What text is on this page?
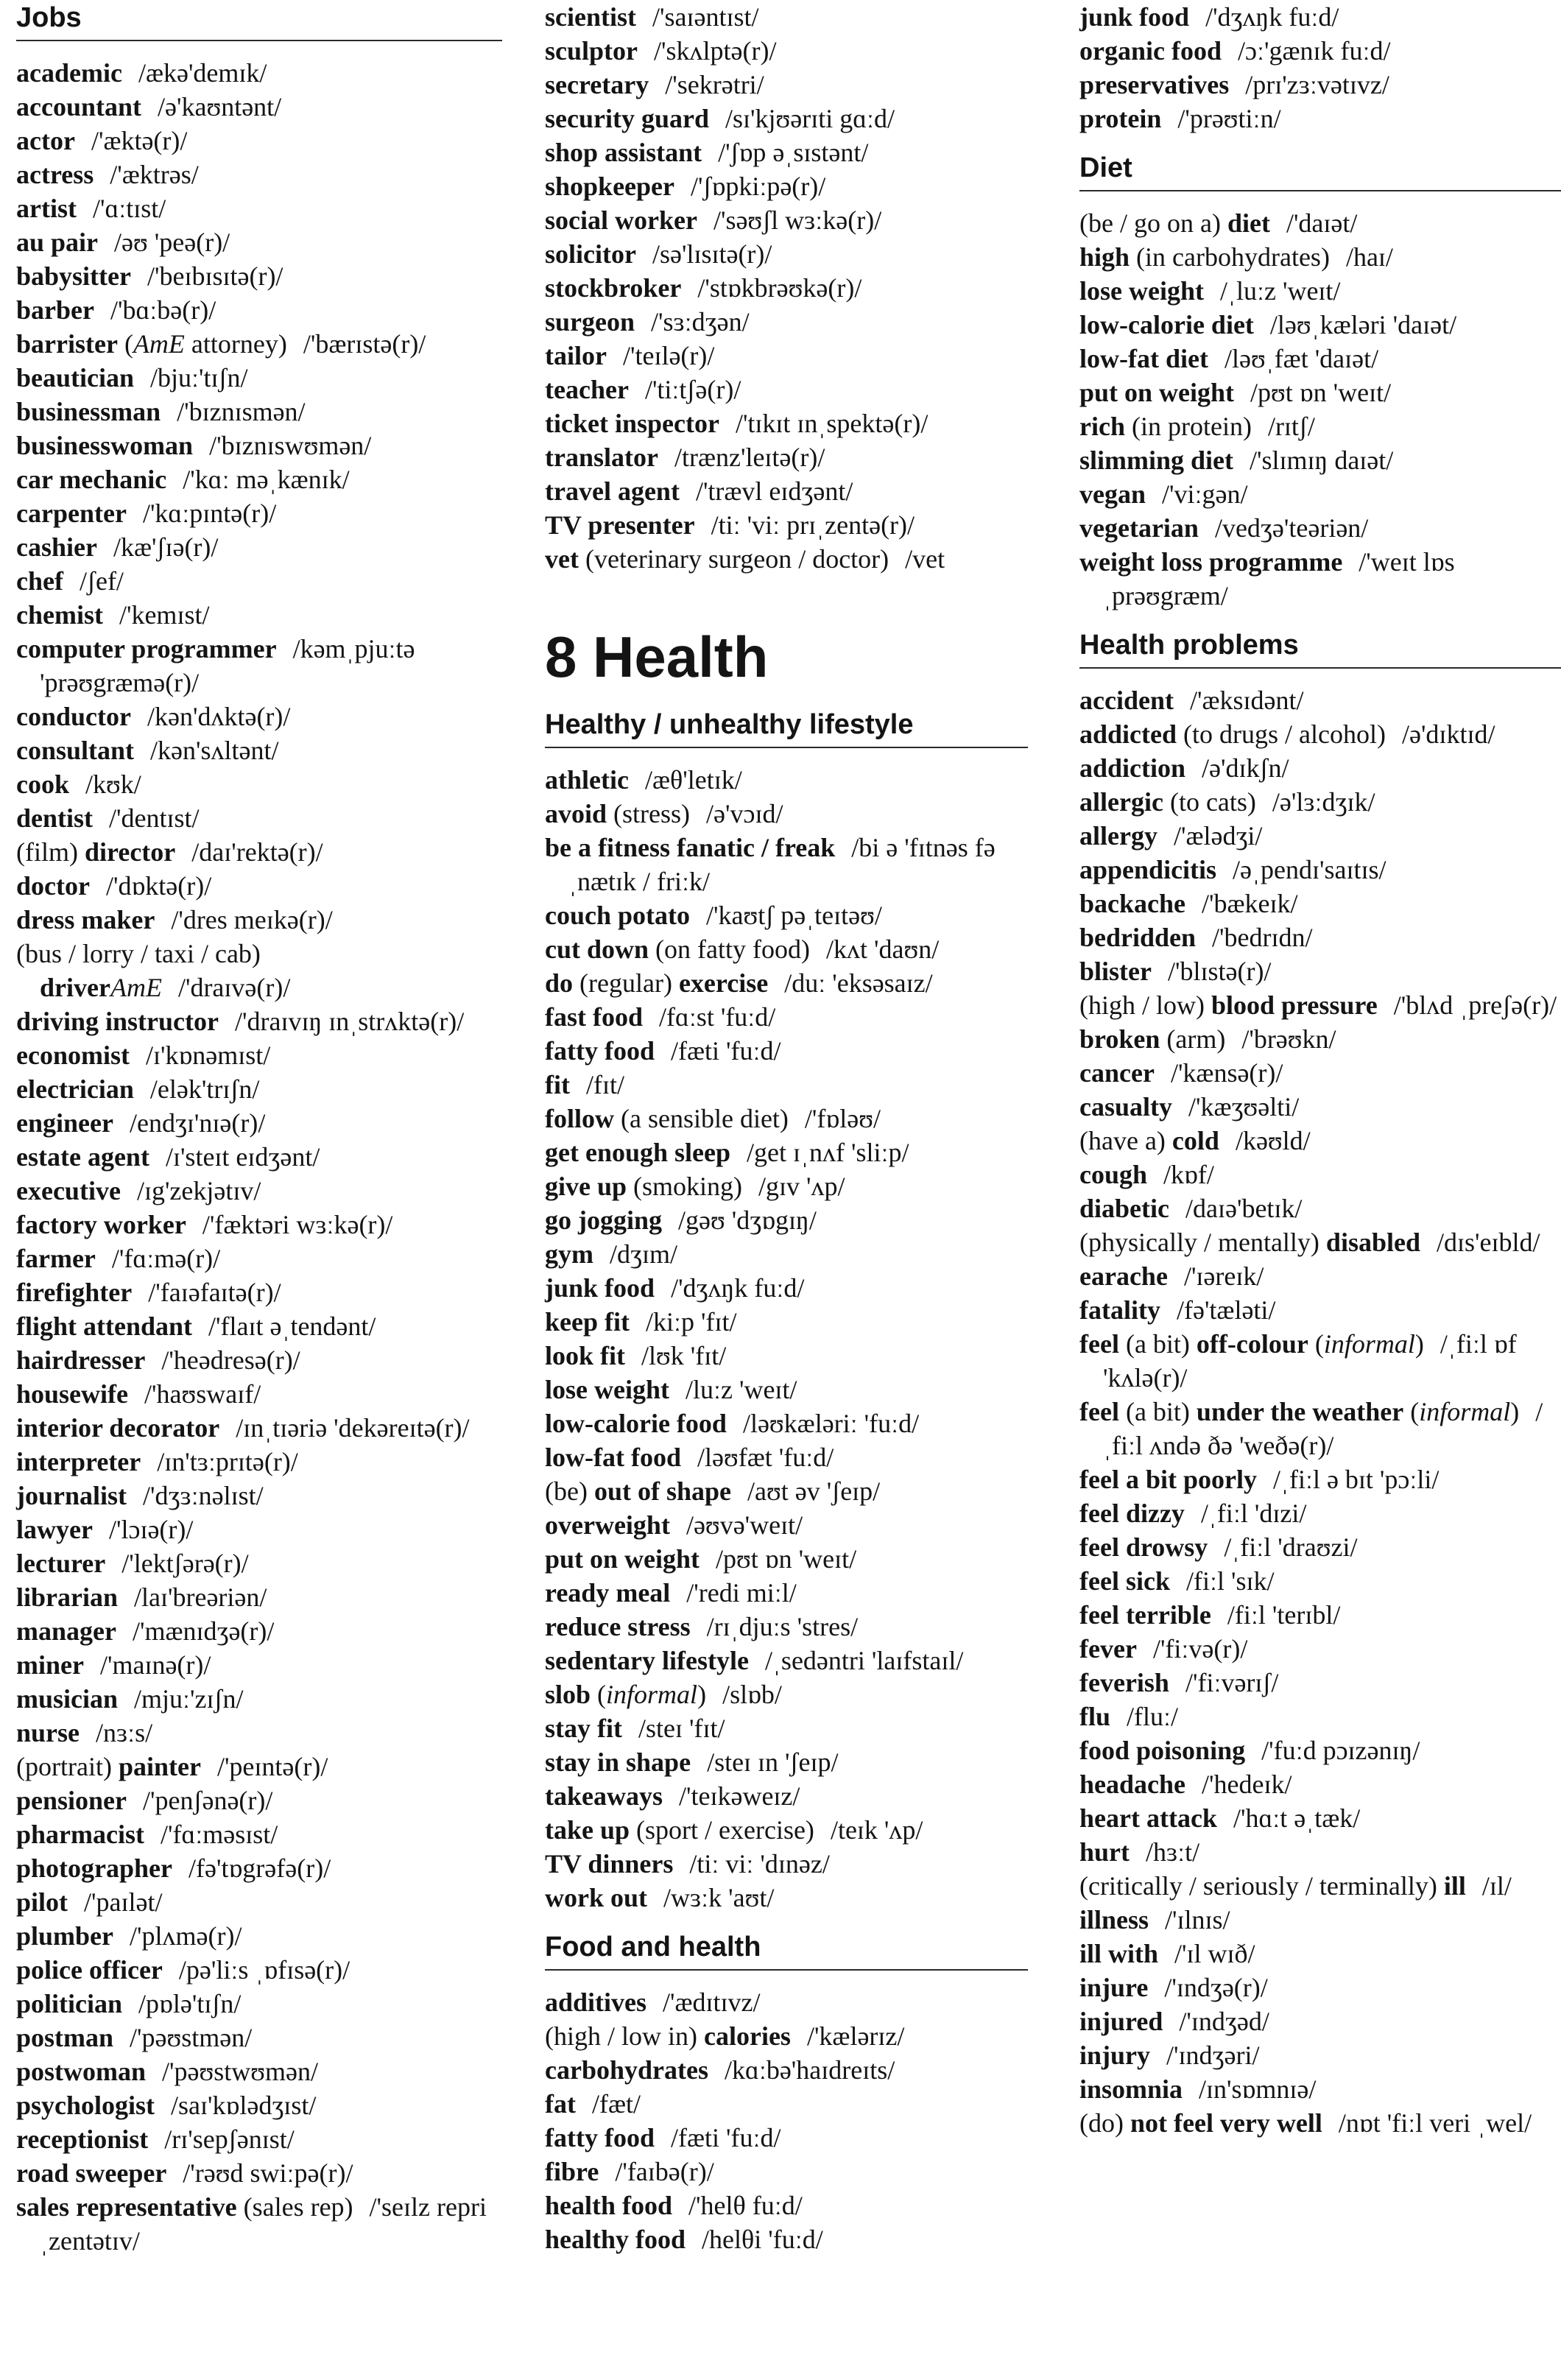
Jobs

academic /ækə'demɪk/

accountant /ə'kaʊntənt/

actor /'æktə(r)/

actress /'æktrəs/

artist /'ɑːtɪst/

au pair /əʊ 'peə(r)/

babysitter /'beɪbɪsɪtə(r)/

barber /'bɑːbə(r)/

barrister (AmE attorney) /'bærɪstə(r)/

beautician /bjuː'tɪʃn/

businessman /'bɪznɪsmən/

businesswoman /'bɪznɪswʊmən/

car mechanic /'kɑː məˌkænɪk/

carpenter /'kɑːpɪntə(r)/

cashier /kæ'ʃɪə(r)/

chef /ʃef/

chemist /'kemɪst/

computer programmer /kəmˌpjuːtə 'prəʊgræmə(r)/

conductor /kən'dʌktə(r)/

consultant /kən'sʌltənt/

cook /kʊk/

dentist /'dentɪst/

(film) director /daɪ'rektə(r)/

doctor /'dɒktə(r)/

dress maker /'dres meɪkə(r)/

(bus / lorry / taxi / cab) driverAmE /'draɪvə(r)/

driving instructor /'draɪvɪŋ ɪnˌstrʌktə(r)/

economist /ɪ'kɒnəmɪst/

electrician /elək'trɪʃn/

engineer /endʒɪ'nɪə(r)/

estate agent /ɪ'steɪt eɪdʒənt/

executive /ɪg'zekjətɪv/

factory worker /'fæktəri wɜːkə(r)/

farmer /'fɑːmə(r)/

firefighter /'faɪəfaɪtə(r)/

flight attendant /'flaɪt əˌtendənt/

hairdresser /'heədresə(r)/

housewife /'haʊswaɪf/

interior decorator /ɪnˌtɪəriə 'dekəreɪtə(r)/

interpreter /ɪn'tɜːprɪtə(r)/

journalist /'dʒɜːnəlɪst/

lawyer /'lɔɪə(r)/

lecturer /'lektʃərə(r)/

librarian /laɪ'breəriən/

manager /'mænɪdʒə(r)/

miner /'maɪnə(r)/

musician /mjuː'zɪʃn/

nurse /nɜːs/

(portrait) painter /'peɪntə(r)/

pensioner /'penʃənə(r)/

pharmacist /'fɑːməsɪst/

photographer /fə'tɒgrəfə(r)/

pilot /'paɪlət/

plumber /'plʌmə(r)/

police officer /pə'liːs ˌɒfɪsə(r)/

politician /pɒlə'tɪʃn/

postman /'pəʊstmən/

postwoman /'pəʊstwʊmən/

psychologist /saɪ'kɒlədʒɪst/

receptionist /rɪ'sepʃənɪst/

road sweeper /'rəʊd swiːpə(r)/

sales representative (sales rep) /'seɪlz repriˌzentətɪv/

scientist /'saɪəntɪst/

sculptor /'skʌlptə(r)/

secretary /'sekrətri/

security guard /sɪ'kjʊərɪti gɑːd/

shop assistant /'ʃɒp əˌsɪstənt/

shopkeeper /'ʃɒpkiːpə(r)/

social worker /'səʊʃl wɜːkə(r)/

solicitor /sə'lɪsɪtə(r)/

stockbroker /'stɒkbrəʊkə(r)/

surgeon /'sɜːdʒən/

tailor /'teɪlə(r)/

teacher /'tiːtʃə(r)/

ticket inspector /'tɪkɪt ɪnˌspektə(r)/

translator /trænz'leɪtə(r)/

travel agent /'trævl eɪdʒənt/

TV presenter /tiː 'viː prɪˌzentə(r)/

vet (veterinary surgeon / doctor) /vet

8 Health
Healthy / unhealthy lifestyle

athletic /æθ'letɪk/

avoid (stress) /ə'vɔɪd/

be a fitness fanatic / freak /bi ə 'fɪtnəs fəˌnætɪk / friːk/

couch potato /'kaʊtʃ pəˌteɪtəʊ/

cut down (on fatty food) /kʌt 'daʊn/

do (regular) exercise /duː 'eksəsaɪz/

fast food /fɑːst 'fuːd/

fatty food /fæti 'fuːd/

fit /fɪt/

follow (a sensible diet) /'fɒləʊ/

get enough sleep /get ɪˌnʌf 'sliːp/

give up (smoking) /gɪv 'ʌp/

go jogging /gəʊ 'dʒɒgɪŋ/

gym /dʒɪm/

junk food /'dʒʌŋk fuːd/

keep fit /kiːp 'fɪt/

look fit /lʊk 'fɪt/

lose weight /luːz 'weɪt/

low-calorie food /ləʊkæləriː 'fuːd/

low-fat food /ləʊfæt 'fuːd/

(be) out of shape /aʊt əv 'ʃeɪp/

overweight /əʊvə'weɪt/

put on weight /pʊt ɒn 'weɪt/

ready meal /'redi miːl/

reduce stress /rɪˌdjuːs 'stres/

sedentary lifestyle /ˌsedəntri 'laɪfstaɪl/

slob (informal) /slɒb/

stay fit /steɪ 'fɪt/

stay in shape /steɪ ɪn 'ʃeɪp/

takeaways /'teɪkəweɪz/

take up (sport / exercise) /teɪk 'ʌp/

TV dinners /tiː viː 'dɪnəz/

work out /wɜːk 'aʊt/

Food and health

additives /'ædɪtɪvz/

(high / low in) calories /'kælərɪz/

carbohydrates /kɑːbə'haɪdreɪts/

fat /fæt/

fatty food /fæti 'fuːd/

fibre /'faɪbə(r)/

health food /'helθ fuːd/

healthy food /helθi 'fuːd/

junk food /'dʒʌŋk fuːd/

organic food /ɔː'gænɪk fuːd/

preservatives /prɪ'zɜːvətɪvz/

protein /'prəʊtiːn/

Diet

(be / go on a) diet /'daɪət/

high (in carbohydrates) /haɪ/

lose weight /ˌluːz 'weɪt/

low-calorie diet /ləʊˌkæləri 'daɪət/

low-fat diet /ləʊˌfæt 'daɪət/

put on weight /pʊt ɒn 'weɪt/

rich (in protein) /rɪtʃ/

slimming diet /'slɪmɪŋ daɪət/

vegan /'viːgən/

vegetarian /vedʒə'teəriən/

weight loss programme /'weɪt lɒs ˌprəʊgræm/

Health problems

accident /'æksɪdənt/

addicted (to drugs / alcohol) /ə'dɪktɪd/

addiction /ə'dɪkʃn/

allergic (to cats) /ə'lɜːdʒɪk/

allergy /'ælədʒi/

appendicitis /əˌpendɪ'saɪtɪs/

backache /'bækeɪk/

bedridden /'bedrɪdn/

blister /'blɪstə(r)/

(high / low) blood pressure /'blʌd ˌpreʃə(r)/

broken (arm) /'brəʊkn/

cancer /'kænsə(r)/

casualty /'kæʒʊəlti/

(have a) cold /kəʊld/

cough /kɒf/

diabetic /daɪə'betɪk/

(physically / mentally) disabled /dɪs'eɪbld/

earache /'ɪəreɪk/

fatality /fə'tæləti/

feel (a bit) off-colour (informal) /ˌfiːl ɒf 'kʌlə(r)/

feel (a bit) under the weather (informal) /ˌfiːl ʌndə ðə 'weðə(r)/

feel a bit poorly /ˌfiːl ə bɪt 'pɔːli/

feel dizzy /ˌfiːl 'dɪzi/

feel drowsy /ˌfiːl 'draʊzi/

feel sick /fiːl 'sɪk/

feel terrible /fiːl 'terɪbl/

fever /'fiːvə(r)/

feverish /'fiːvərɪʃ/

flu /fluː/

food poisoning /'fuːd pɔɪzənɪŋ/

headache /'hedeɪk/

heart attack /'hɑːt əˌtæk/

hurt /hɜːt/

(critically / seriously / terminally) ill /ɪl/

illness /'ɪlnɪs/

ill with /'ɪl wɪð/

injure /'ɪndʒə(r)/

injured /'ɪndʒəd/

injury /'ɪndʒəri/

insomnia /ɪn'sɒmnɪə/

(do) not feel very well /nɒt 'fiːl veri ˌwel/
